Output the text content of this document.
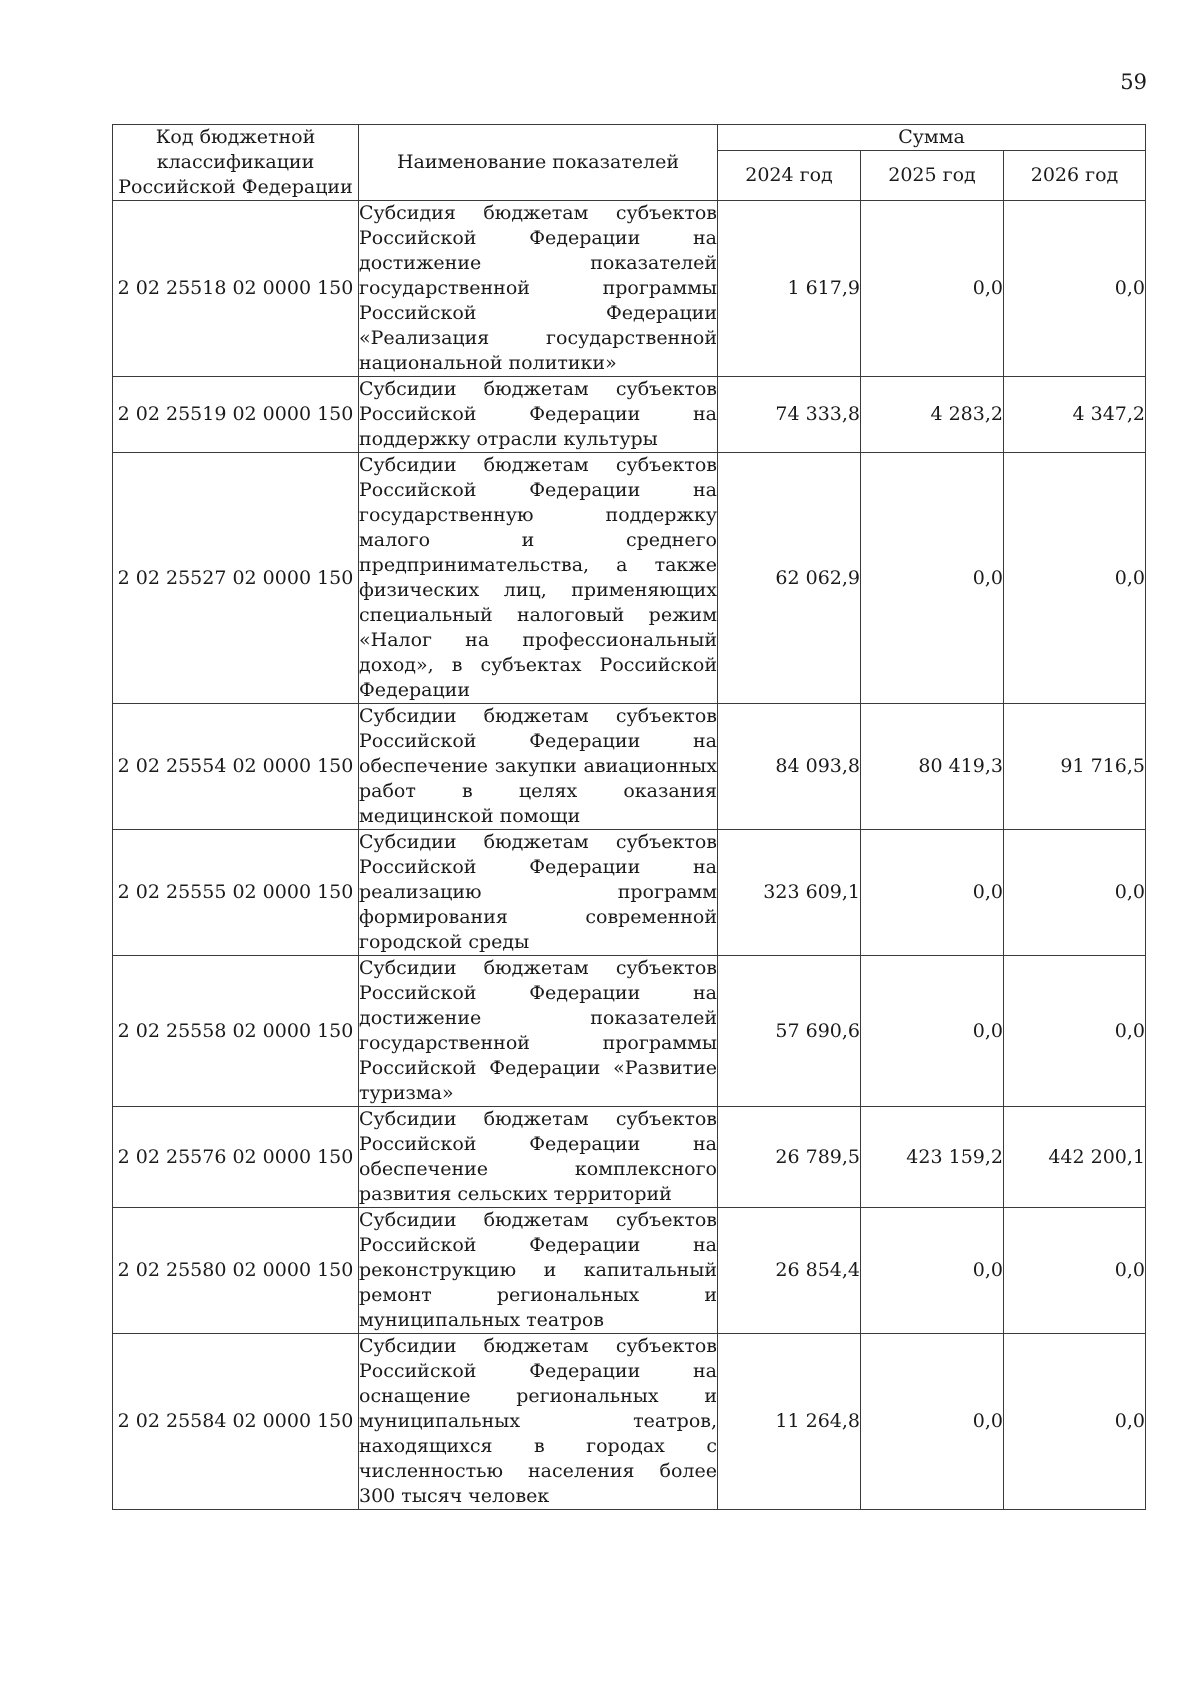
59
Код бюджетной классификации Российской Федерации	Наименование показателей	Сумма		
		2024 год	2025 год	2026 год
2 02 25518 02 0000 150	Субсидия бюджетам субъектов Российской Федерации на достижение показателей государственной программы Российской Федерации «Реализация государственной национальной политики»	1 617,9	0,0	0,0
2 02 25519 02 0000 150	Субсидии бюджетам субъектов Российской Федерации на поддержку отрасли культуры	74 333,8	4 283,2	4 347,2
2 02 25527 02 0000 150	Субсидии бюджетам субъектов Российской Федерации на государственную поддержку малого и среднего предпринимательства, а также физических лиц, применяющих специальный налоговый режим «Налог на профессиональный доход», в субъектах Российской Федерации	62 062,9	0,0	0,0
2 02 25554 02 0000 150	Субсидии бюджетам субъектов Российской Федерации на обеспечение закупки авиационных работ в целях оказания медицинской помощи	84 093,8	80 419,3	91 716,5
2 02 25555 02 0000 150	Субсидии бюджетам субъектов Российской Федерации на реализацию программ формирования современной городской среды	323 609,1	0,0	0,0
2 02 25558 02 0000 150	Субсидии бюджетам субъектов Российской Федерации на достижение показателей государственной программы Российской Федерации «Развитие туризма»	57 690,6	0,0	0,0
2 02 25576 02 0000 150	Субсидии бюджетам субъектов Российской Федерации на обеспечение комплексного развития сельских территорий	26 789,5	423 159,2	442 200,1
2 02 25580 02 0000 150	Субсидии бюджетам субъектов Российской Федерации на реконструкцию и капитальный ремонт региональных и муниципальных театров	26 854,4	0,0	0,0
2 02 25584 02 0000 150	Субсидии бюджетам субъектов Российской Федерации на оснащение региональных и муниципальных театров, находящихся в городах с численностью населения более 300 тысяч человек	11 264,8	0,0	0,0
